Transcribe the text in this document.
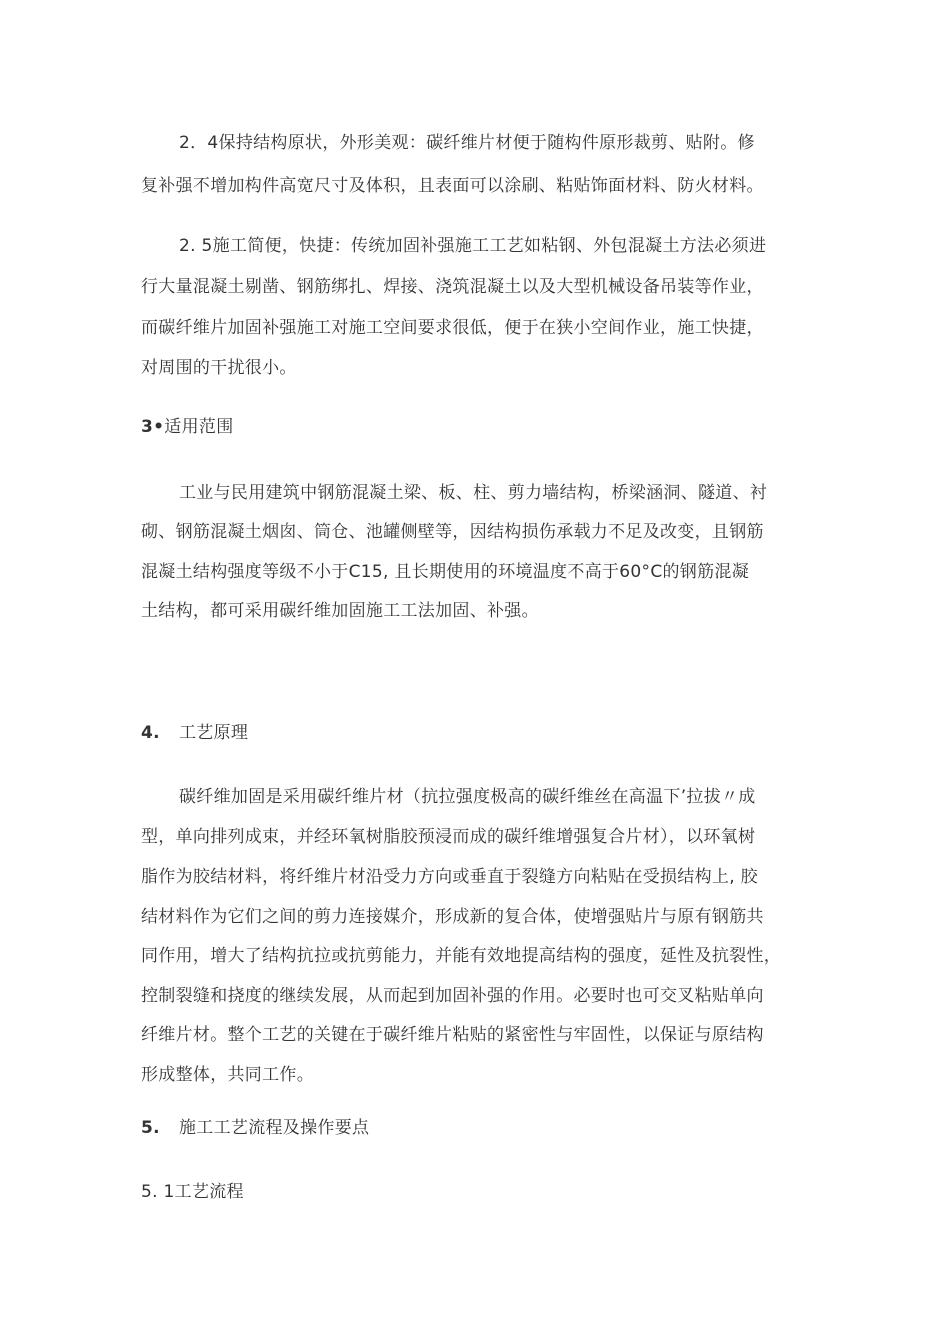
2．4保持结构原状，外形美观：碳纤维片材便于随构件原形裁剪、贴附。修
复补强不增加构件高宽尺寸及体积，且表面可以涂刷、粘贴饰面材料、防火材料。
2. 5施工简便，快捷：传统加固补强施工工艺如粘钢、外包混凝土方法必须进
行大量混凝土剔凿、钢筋绑扎、焊接、浇筑混凝土以及大型机械设备吊装等作业，
而碳纤维片加固补强施工对施工空间要求很低，便于在狭小空间作业，施工快捷，
对周围的干扰很小。
3•适用范围
工业与民用建筑中钢筋混凝土梁、板、柱、剪力墙结构，桥梁涵洞、隧道、衬
砌、钢筋混凝土烟囱、筒仓、池罐侧壁等，因结构损伤承载力不足及改变，且钢筋
混凝土结构强度等级不小于C15, 且长期使用的环境温度不高于60°C的钢筋混凝
土结构，都可采用碳纤维加固施工工法加固、补强。
4. 工艺原理
碳纤维加固是采用碳纤维片材（抗拉强度极高的碳纤维丝在高温下’拉拔〃成
型，单向排列成束，并经环氧树脂胶预浸而成的碳纤维增强复合片材），以环氧树
脂作为胶结材料，将纤维片材沿受力方向或垂直于裂缝方向粘贴在受损结构上, 胶
结材料作为它们之间的剪力连接媒介，形成新的复合体，使增强贴片与原有钢筋共
同作用，增大了结构抗拉或抗剪能力，并能有效地提高结构的强度，延性及抗裂性，
控制裂缝和挠度的继续发展，从而起到加固补强的作用。必要时也可交叉粘贴单向
纤维片材。整个工艺的关键在于碳纤维片粘贴的紧密性与牢固性，以保证与原结构
形成整体，共同工作。
5. 施工工艺流程及操作要点
5. 1工艺流程
